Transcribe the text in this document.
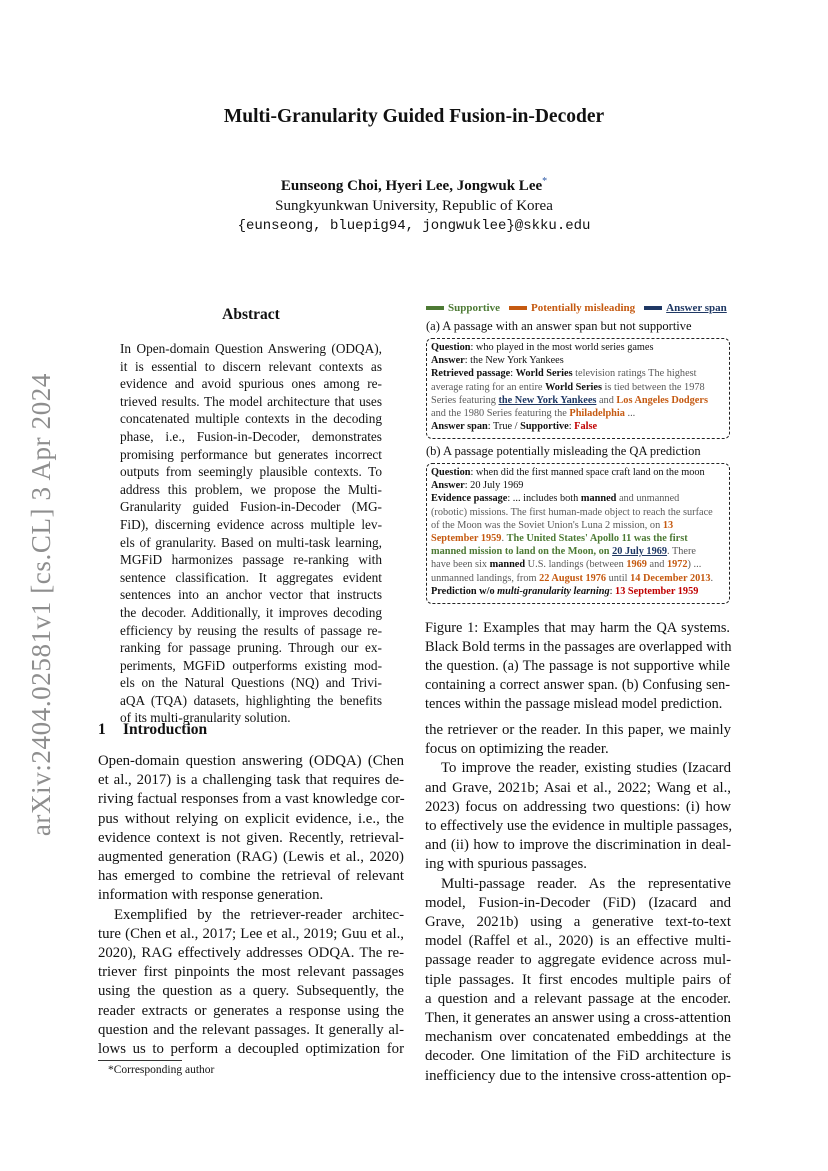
arXiv:2404.02581v1 [cs.CL] 3 Apr 2024
Multi-Granularity Guided Fusion-in-Decoder
Eunseong Choi, Hyeri Lee, Jongwuk Lee*
Sungkyunkwan University, Republic of Korea
{eunseong, bluepig94, jongwuklee}@skku.edu
Abstract
In Open-domain Question Answering (ODQA),
it is essential to discern relevant contexts as
evidence and avoid spurious ones among re-
trieved results. The model architecture that uses
concatenated multiple contexts in the decoding
phase, i.e., Fusion-in-Decoder, demonstrates
promising performance but generates incorrect
outputs from seemingly plausible contexts. To
address this problem, we propose the Multi-
Granularity guided Fusion-in-Decoder (MG-
FiD), discerning evidence across multiple lev-
els of granularity. Based on multi-task learning,
MGFiD harmonizes passage re-ranking with
sentence classification. It aggregates evident
sentences into an anchor vector that instructs
the decoder. Additionally, it improves decoding
efficiency by reusing the results of passage re-
ranking for passage pruning. Through our ex-
periments, MGFiD outperforms existing mod-
els on the Natural Questions (NQ) and Trivi-
aQA (TQA) datasets, highlighting the benefits
of its multi-granularity solution.
1 Introduction
Open-domain question answering (ODQA) (Chen
et al., 2017) is a challenging task that requires de-
riving factual responses from a vast knowledge cor-
pus without relying on explicit evidence, i.e., the
evidence context is not given. Recently, retrieval-
augmented generation (RAG) (Lewis et al., 2020)
has emerged to combine the retrieval of relevant
information with response generation.
Exemplified by the retriever-reader architec-
ture (Chen et al., 2017; Lee et al., 2019; Guu et al.,
2020), RAG effectively addresses ODQA. The re-
triever first pinpoints the most relevant passages
using the question as a query. Subsequently, the
reader extracts or generates a response using the
question and the relevant passages. It generally al-
lows us to perform a decoupled optimization for
*Corresponding author
Supportive	Potentially misleading	Answer span
(a) A passage with an answer span but not supportive
Question: who played in the most world series games
Answer: the New York Yankees
Retrieved passage: World Series television ratings The highest
average rating for an entire World Series is tied between the 1978
Series featuring the New York Yankees and Los Angeles Dodgers
and the 1980 Series featuring the Philadelphia ...
Answer span: True / Supportive: False
(b) A passage potentially misleading the QA prediction
Question: when did the first manned space craft land on the moon
Answer: 20 July 1969
Evidence passage: ... includes both manned and unmanned
(robotic) missions. The first human-made object to reach the surface
of the Moon was the Soviet Union's Luna 2 mission, on 13
September 1959. The United States' Apollo 11 was the first
manned mission to land on the Moon, on 20 July 1969. There
have been six manned U.S. landings (between 1969 and 1972) ...
unmanned landings, from 22 August 1976 until 14 December 2013.
Prediction w/o multi-granularity learning: 13 September 1959
Figure 1: Examples that may harm the QA systems.
Black Bold terms in the passages are overlapped with
the question. (a) The passage is not supportive while
containing a correct answer span. (b) Confusing sen-
tences within the passage mislead model prediction.
the retriever or the reader. In this paper, we mainly
focus on optimizing the reader.
To improve the reader, existing studies (Izacard
and Grave, 2021b; Asai et al., 2022; Wang et al.,
2023) focus on addressing two questions: (i) how
to effectively use the evidence in multiple passages,
and (ii) how to improve the discrimination in deal-
ing with spurious passages.
Multi-passage reader. As the representative
model, Fusion-in-Decoder (FiD) (Izacard and
Grave, 2021b) using a generative text-to-text
model (Raffel et al., 2020) is an effective multi-
passage reader to aggregate evidence across mul-
tiple passages. It first encodes multiple pairs of
a question and a relevant passage at the encoder.
Then, it generates an answer using a cross-attention
mechanism over concatenated embeddings at the
decoder. One limitation of the FiD architecture is
inefficiency due to the intensive cross-attention op-
